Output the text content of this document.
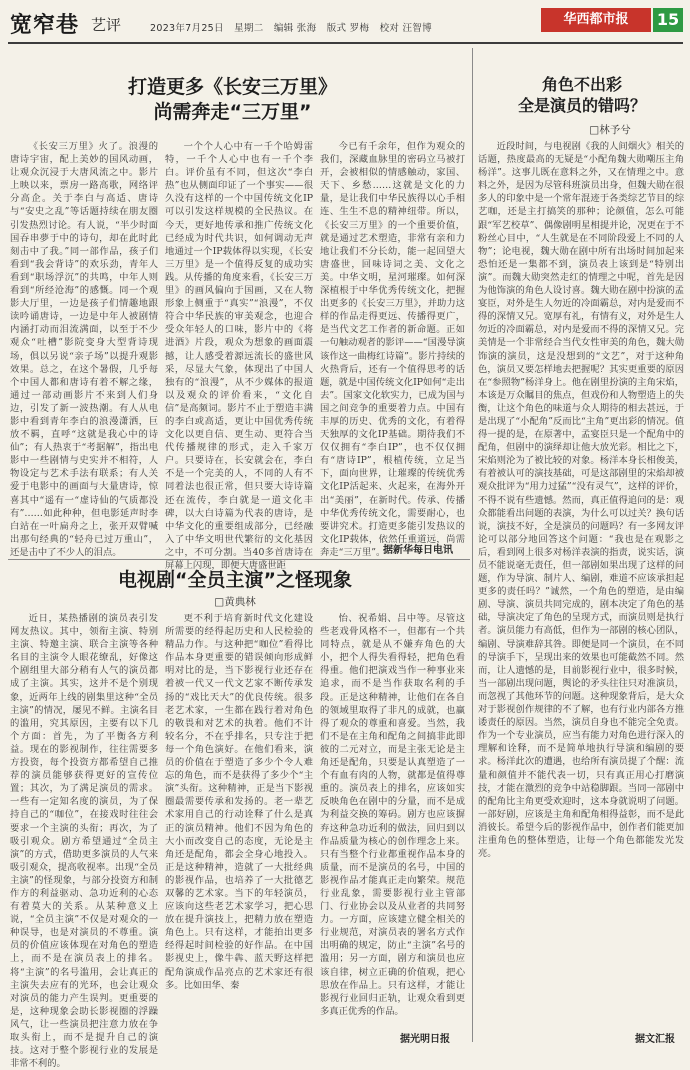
宽窄巷 艺评	2023年7月25日 星期二 编辑 张海 版式 罗梅 校对 汪智博
华西都市报	15
打造更多《长安三万里》
尚需奔走“三万里”

《长安三万里》火了。浪漫的唐诗宇宙，配上美妙的国风动画，让观众沉浸于大唐风流之中。影片上映以来，票房一路高歌，网络评分高企。关于李白与高适、唐诗与“安史之乱”等话题持续在朋友圈引发热烈讨论。有人说，“半少时面国吞串夢于中的诗句，却在此时此刻击中了我。”同一部作品，孩子们看到“我会背诗”的欢乐劲，青年人看到“职场浮沉”的共鸣，中年人则看到“所经沧海”的感慨。同一个观影大厅里，一边是孩子们情趣地跟读吟诵唐诗，一边是中年人被剧情内涵打动而泪流满面，以至于不少观众“吐槽”影院变身大型背诗现场，俱以另说“亲子场”以提升观影效果。总之，在这个暑假，几乎每个中国人都和唐诗有着不解之缘，通过一部动画影片不来到人们身边，引发了新一波热潮。有人从电影中看到青年李白的浪漫潇洒，巨放不羁，直呼“这就是我心中的诗仙”；有人热衷于“考据解”，指出电影中一些剧情与史实并不相符，人物设定与艺术手法有联系；有人关爱于电影中的画面与大量唐诗，惊喜其中“遥有一“虚诗仙的气质都没有”……如此种种，但电影延声时李白站在一叶扁舟之上，张开双臂喊出那句经典的“轻舟已过万重山”，还是击中了不少人的泪点。

一个个人心中有一千个哈姆雷特，一千个人心中也有一千个李白。评价虽有不同，但这次“李白热”也从侧面印证了一个事实——很久没有这样的一个中国传统文化IP可以引发这样规模的全民热议。在今天，更好地传承和推广传统文化已经成为时代共识，如何调动无声地通过一个IP载体得以实现，《长安三万里》是一个值得反复的成功实践。从传播的角度来看，《长安三万里》的画风偏向于国画，又在人物形象上侧重于“真实”“浪漫”，不仅符合中华民族的审美观念，也迎合受众年轻人的口味，影片中的《将进酒》片段，观众为想象的画面震撼，让人感受着源远流长的盛世风采，尽显大气象，体现出了中国人独有的“浪漫”，从不少媒体的报道以及观众的评价看来，“文化自信”是高频词。影片不止于塑造丰满的李白或高适，更让中国优秀传统文化以更自信、更生动、更符合当代传播规律的形式，走入千家万户。只要诗在，长安就会在，李白不是一个完美的人，不同的人有不同着法也很正常，但只要大诗诗篇还在流传，李白就是一道文化丰碑，以大白诗篇为代表的唐诗，是中华文化的重要组成部分，已经融入了中华文明世代繁衍的文化基因之中，不可分割。当40多首唐诗在屏幕上闪现，即便大唐盛世距

今已有千余年，但作为观众的我们，深藏血脉里的密码立马被打开，会被相似的情感触动，家国、天下、乡愁……这就是文化的力量，是让我们中华民族得以心手相连、生生不息的精神纽带。所以，《长安三万里》的一个重要价值，就是通过艺术塑造，非常有亲和力地让我们不分长幼，能一起回望大唐盛世，回味诗词之美、文化之美。中华文明，星河璀璨。如何深深植根于中华优秀传统文化，把握出更多的《长安三万里》，并助力这样的作品走得更远、传播得更广，是当代文艺工作者的新命题。正如一句触动观者的影评——“国漫导演该作这一曲梅红诗篇”。影片持续的火热背后，还有一个值得思考的话题，就是中国传统文化IP如何“走出去”。国家文化软实力，已成为国与国之间竞争的重要着力点。中国有丰厚的历史、优秀的文化，有着得天独厚的文化IP基础。期待我们不仅仅拥有“李白IP”，也不仅仅拥有“唐诗IP”，根植传统，立足当下，面向世界，让璀璨的传统优秀文化IP活起来、火起来，在海外开出“美丽”，在新时代。传承、传播中华优秀传统文化，需要耐心，也要讲究术。打造更多能引发热议的文化IP载体，依然任重道远，尚需奔走“三万里”。

据新华每日电讯
角色不出彩
全是演员的错吗？
□林予兮

近段时间，与电视剧《我的人间烟火》相关的话题，热度最高的无疑是“小配角魏大勋嘲压主角杨洋”。这事儿既在意料之外，又在情理之中。意料之外，是因为尽管科班演员出身，但魏大勋在很多人的印象中是一个常年混迹于各类综艺节目的综艺咖，还是主打搞笑的那种；论颜值，怎么可能跟“军艺校草”、偶像剧明星相提并论，况更在于不粉丝心目中，“人生就是在不同阶段爱上不同的人物”；论电视，魏大勋在剧中所有出场时间加起来恐怕还是一集都不到，演员表上该到是“特别出演”。而魏大勋突然走红的情理之中呢，首先是因为他饰演的角色人设讨喜。魏大勋在剧中扮演的孟宴臣，对外是生人勿近的冷面霸总，对内是爱而不得的深情又兄。宽厚有礼，有情有义，对外是生人勿近的冷面霸总，对内是爱而不得的深情又兄。完美情是一个非常经合当代女性审美的角色，魏大勋饰演的演员，这是没想到的“文艺”，对于这种角色，演员又要怎样地去把握呢？其实更重要的原因在“参照物”杨洋身上。他在剧里扮演的主角宋焰，本该是万众瞩目的焦点，但戏份和人物塑造上的失衡，让这个角色的味道与众人期待的相去甚远，于是出现了“小配角”反而比“主角”更出彩的情况。值得一提的是，在原著中，孟宴臣只是一个配角中的配角，但剧中的演绎却让他大放光彩。相比之下，宋焰则沦为了被比较的对象。杨洋本身长相俊美，有着被认可的演技基础，可是这部剧里的宋焰却被观众批评为“用力过猛”“没有灵气”，这样的评价，不得不说有些遗憾。然而，真正值得追问的是：观众都能看出问题的表演，为什么可以过关？换句话说，演技不好，全是演员的问题吗？有一多网友评论可以部分地回答这个问题：“我也是在观影之后，看到网上很多对杨洋表演的指责，说实话，演员不能说毫无责任，但一部剧如果出现了这样的问题，作为导演、制片人、编剧，难道不应该承担起更多的责任吗？”诚然，一个角色的塑造，是由编剧、导演、演员共同完成的，剧本决定了角色的基础，导演决定了角色的呈现方式，而演员则是执行者。演员能力有高低，但作为一部剧的核心团队，编剧、导演难辞其咎。即便是同一个演员，在不同的导演手下，呈现出来的效果也可能截然不同。然而，让人遗憾的是，目前影视行业中，很多时候，当一部剧出现问题，舆论的矛头往往只对准演员，而忽视了其他环节的问题。这种现象背后，是大众对于影视创作规律的不了解，也有行业内部各方推诿责任的原因。当然，演员自身也不能完全免责。作为一个专业演员，应当有能力对角色进行深入的理解和诠释，而不是简单地执行导演和编剧的要求。杨洋此次的遭遇，也给所有演员提了个醒：流量和颜值并不能代表一切，只有真正用心打磨演技，才能在激烈的竞争中站稳脚跟。当同一部剧中的配角比主角更受欢迎时，这本身就说明了问题。一部好剧，应该是主角和配角相得益彰，而不是此消彼长。希望今后的影视作品中，创作者们能更加注重角色的整体塑造，让每一个角色都能发光发亮。

据文汇报
电视剧“全员主演”之怪现象
□黄典林

近日，某热播剧的演员表引发网友热议。其中，领衔主演、特别主演、特邀主演、联合主演等各种名目的主演令人眼花缭乱，好像这个剧组里大部分稍有人气的演员都成了主演。其实，这并不是个别现象，近两年上线的剧集里这种“全员主演”的情况，屡见不鲜。主演名目的滥用，究其原因，主要有以下几个方面：首先，为了平衡各方利益。现在的影视制作，往往需要多方投资，每个投资方都希望自己推荐的演员能够获得更好的宣传位置；其次，为了满足演员的需求。一些有一定知名度的演员，为了保持自己的“咖位”，在接戏时往往会要求一个主演的头衔；再次，为了吸引观众。剧方希望通过“全员主演”的方式，借助更多演员的人气来吸引观众，提高收视率。出现“全员主演”的怪现象，与部分投资方和制作方的利益驱动、急功近利的心态有着莫大的关系。从某种意义上说，“全员主演”不仅是对观众的一种误导，也是对演员的不尊重。演员的价值应该体现在对角色的塑造上，而不是在演员表上的排名。将“主演”的名号滥用，会让真正的主演失去应有的光环，也会让观众对演员的能力产生误判。更重要的是，这种现象会助长影视圈的浮躁风气，让一些演员把注意力放在争取头衔上，而不是提升自己的演技。这对于整个影视行业的发展是非常不利的。

更不利于培育新时代文化建设所需要的经得起历史和人民检验的精品力作。与这种把“咖位”看得比作品本身更重要的错误倾向形成鲜明对比的是，当下影视行业还存在着被一代又一代文艺家不断传承发扬的“戏比天大”的优良传统。很多老艺术家，一生都在践行着对角色的敬畏和对艺术的执着。他们不计较名分，不在乎排名，只专注于把每一个角色演好。在他们看来，演员的价值在于塑造了多少个令人难忘的角色，而不是获得了多少个“主演”头衔。这种精神，正是当下影视圈最需要传承和发扬的。老一辈艺术家用自己的行动诠释了什么是真正的演员精神。他们不因为角色的大小而改变自己的态度，无论是主角还是配角，都会全身心地投入。正是这种精神，造就了一大批经典的影视作品，也培养了一大批德艺双馨的艺术家。当下的年轻演员，应该向这些老艺术家学习，把心思放在提升演技上，把精力放在塑造角色上。只有这样，才能拍出更多经得起时间检验的好作品。在中国影视史上，像牛犇、蓝天野这样把配角演成作品亮点的艺术家还有很多。比如田华、秦

怡、祝希娟、吕中等。尽管这些老戏骨风格不一，但都有一个共同特点，就是从不嫌弃角色的大小，把个人得失看得轻，把角色看得重。他们把演戏当作一种事业来追求，而不是当作获取名利的手段。正是这种精神，让他们在各自的领域里取得了非凡的成就，也赢得了观众的尊重和喜爱。当然，我们不是在主角和配角之间搞非此即彼的二元对立，而是主张无论是主角还是配角，只要是认真塑造了一个有血有肉的人物，就都是值得尊重的。演员表上的排名，应该如实反映角色在剧中的分量，而不是成为利益交换的筹码。剧方也应该摒弃这种急功近利的做法，回归到以作品质量为核心的创作理念上来。只有当整个行业都重视作品本身的质量，而不是演员的名号，中国的影视作品才能真正走向繁荣。规范行业乱象，需要影视行业主管部门、行业协会以及从业者的共同努力。一方面，应该建立健全相关的行业规范，对演员表的署名方式作出明确的规定，防止“主演”名号的滥用；另一方面，剧方和演员也应该自律，树立正确的价值观，把心思放在作品上。只有这样，才能让影视行业回归正轨，让观众看到更多真正优秀的作品。

据光明日报
